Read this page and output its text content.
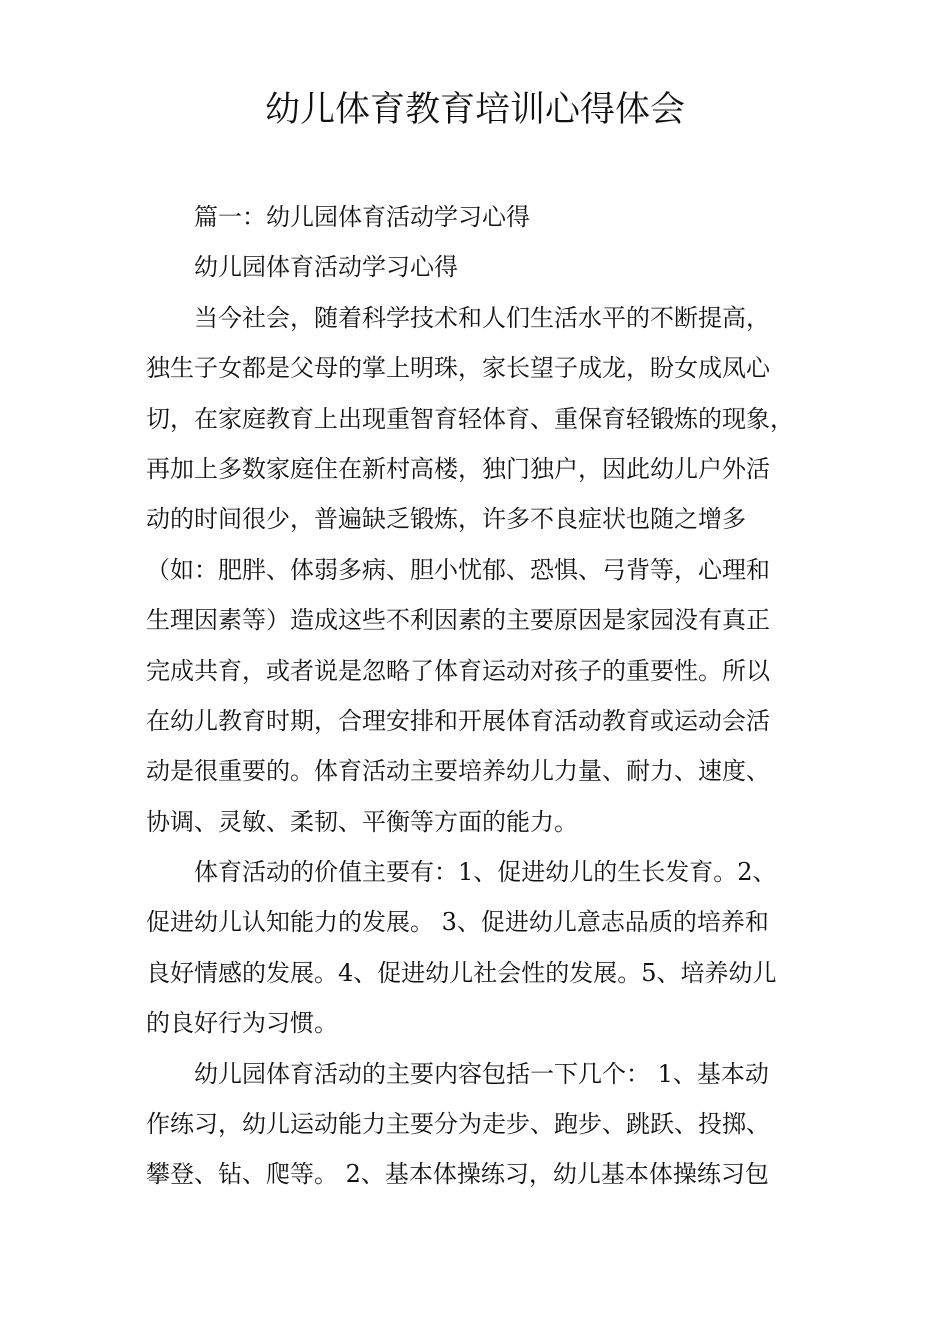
幼儿体育教育培训心得体会
篇一：幼儿园体育活动学习心得
幼儿园体育活动学习心得
当今社会，随着科学技术和人们生活水平的不断提高，
独生子女都是父母的掌上明珠，家长望子成龙，盼女成凤心
切，在家庭教育上出现重智育轻体育、重保育轻锻炼的现象，
再加上多数家庭住在新村高楼，独门独户，因此幼儿户外活
动的时间很少，普遍缺乏锻炼，许多不良症状也随之增多
（如：肥胖、体弱多病、胆小忧郁、恐惧、弓背等，心理和
生理因素等）造成这些不利因素的主要原因是家园没有真正
完成共育，或者说是忽略了体育运动对孩子的重要性。所以
在幼儿教育时期，合理安排和开展体育活动教育或运动会活
动是很重要的。体育活动主要培养幼儿力量、耐力、速度、
协调、灵敏、柔韧、平衡等方面的能力。
体育活动的价值主要有：1、促进幼儿的生长发育。2、
促进幼儿认知能力的发展。 3、促进幼儿意志品质的培养和
良好情感的发展。4、促进幼儿社会性的发展。5、培养幼儿
的良好行为习惯。
幼儿园体育活动的主要内容包括一下几个： 1、基本动
作练习，幼儿运动能力主要分为走步、跑步、跳跃、投掷、
攀登、钻、爬等。 2、基本体操练习，幼儿基本体操练习包
